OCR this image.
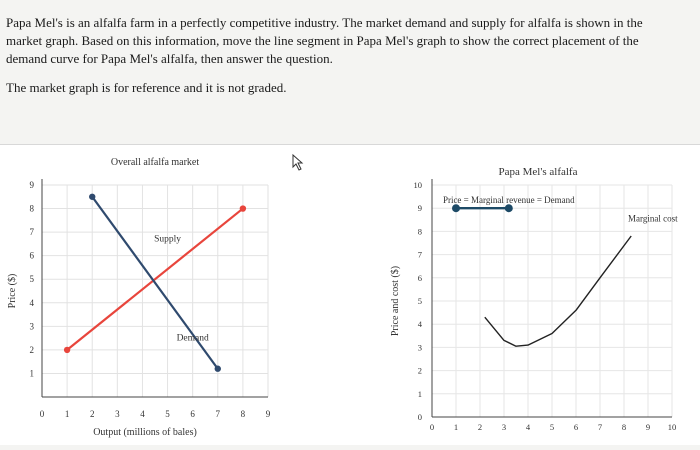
Papa Mel's is an alfalfa farm in a perfectly competitive industry. The market demand and supply for alfalfa is shown in the
market graph. Based on this information, move the line segment in Papa Mel's graph to show the correct placement of the
demand curve for Papa Mel's alfalfa, then answer the question.
The market graph is for reference and it is not graded.
0 1 2 3 4 5 6 7 8 9
1
2
3
4
5
6
7
8
9
Overall alfalfa market
Output (millions of bales)
Price ($)
Supply
Demand
0 1 2 3 4 5 6 7 8 9 10
0
1
2
3
4
5
6
7
8
9
10
Papa Mel's alfalfa
Price and cost ($)
Price = Marginal revenue = Demand
Marginal cost
